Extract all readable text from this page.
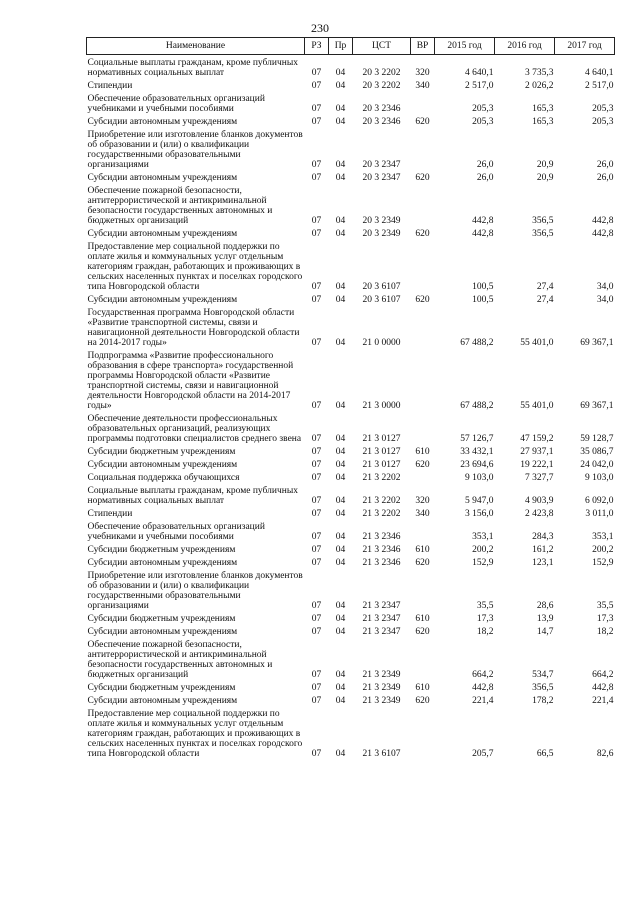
230
Наименование	РЗ	Пр	ЦСТ	ВР	2015 год	2016 год	2017 год
Социальные выплаты гражданам, кроме публичных нормативных социальных выплат	07	04	20 3 2202	320	4 640,1	3 735,3	4 640,1
Стипендии	07	04	20 3 2202	340	2 517,0	2 026,2	2 517,0
Обеспечение образовательных организаций учебниками и учебными пособиями	07	04	20 3 2346		205,3	165,3	205,3
Субсидии автономным учреждениям	07	04	20 3 2346	620	205,3	165,3	205,3
Приобретение или изготовление бланков документов об образовании и (или) о квалификации государственными образовательными организациями	07	04	20 3 2347		26,0	20,9	26,0
Субсидии автономным учреждениям	07	04	20 3 2347	620	26,0	20,9	26,0
Обеспечение пожарной безопасности, антитеррористической и антикриминальной безопасности государственных автономных и бюджетных организаций	07	04	20 3 2349		442,8	356,5	442,8
Субсидии автономным учреждениям	07	04	20 3 2349	620	442,8	356,5	442,8
Предоставление мер социальной поддержки по оплате жилья и коммунальных услуг отдельным категориям граждан, работающих и проживающих в сельских населенных пунктах и поселках городского типа Новгородской области	07	04	20 3 6107		100,5	27,4	34,0
Субсидии автономным учреждениям	07	04	20 3 6107	620	100,5	27,4	34,0
Государственная программа Новгородской области «Развитие транспортной системы, связи и навигационной деятельности Новгородской области на 2014-2017 годы»	07	04	21 0 0000		67 488,2	55 401,0	69 367,1
Подпрограмма «Развитие профессионального образования в сфере транспорта» государственной программы Новгородской области «Развитие транспортной системы, связи и навигационной деятельности Новгородской области на 2014-2017 годы»	07	04	21 3 0000		67 488,2	55 401,0	69 367,1
Обеспечение деятельности профессиональных образовательных организаций, реализующих программы подготовки специалистов среднего звена	07	04	21 3 0127		57 126,7	47 159,2	59 128,7
Субсидии бюджетным учреждениям	07	04	21 3 0127	610	33 432,1	27 937,1	35 086,7
Субсидии автономным учреждениям	07	04	21 3 0127	620	23 694,6	19 222,1	24 042,0
Социальная поддержка обучающихся	07	04	21 3 2202		9 103,0	7 327,7	9 103,0
Социальные выплаты гражданам, кроме публичных нормативных социальных выплат	07	04	21 3 2202	320	5 947,0	4 903,9	6 092,0
Стипендии	07	04	21 3 2202	340	3 156,0	2 423,8	3 011,0
Обеспечение образовательных организаций учебниками и учебными пособиями	07	04	21 3 2346		353,1	284,3	353,1
Субсидии бюджетным учреждениям	07	04	21 3 2346	610	200,2	161,2	200,2
Субсидии автономным учреждениям	07	04	21 3 2346	620	152,9	123,1	152,9
Приобретение или изготовление бланков документов об образовании и (или) о квалификации государственными образовательными организациями	07	04	21 3 2347		35,5	28,6	35,5
Субсидии бюджетным учреждениям	07	04	21 3 2347	610	17,3	13,9	17,3
Субсидии автономным учреждениям	07	04	21 3 2347	620	18,2	14,7	18,2
Обеспечение пожарной безопасности, антитеррористической и антикриминальной безопасности государственных автономных и бюджетных организаций	07	04	21 3 2349		664,2	534,7	664,2
Субсидии бюджетным учреждениям	07	04	21 3 2349	610	442,8	356,5	442,8
Субсидии автономным учреждениям	07	04	21 3 2349	620	221,4	178,2	221,4
Предоставление мер социальной поддержки по оплате жилья и коммунальных услуг отдельным категориям граждан, работающих и проживающих в сельских населенных пунктах и поселках городского типа Новгородской области	07	04	21 3 6107		205,7	66,5	82,6
